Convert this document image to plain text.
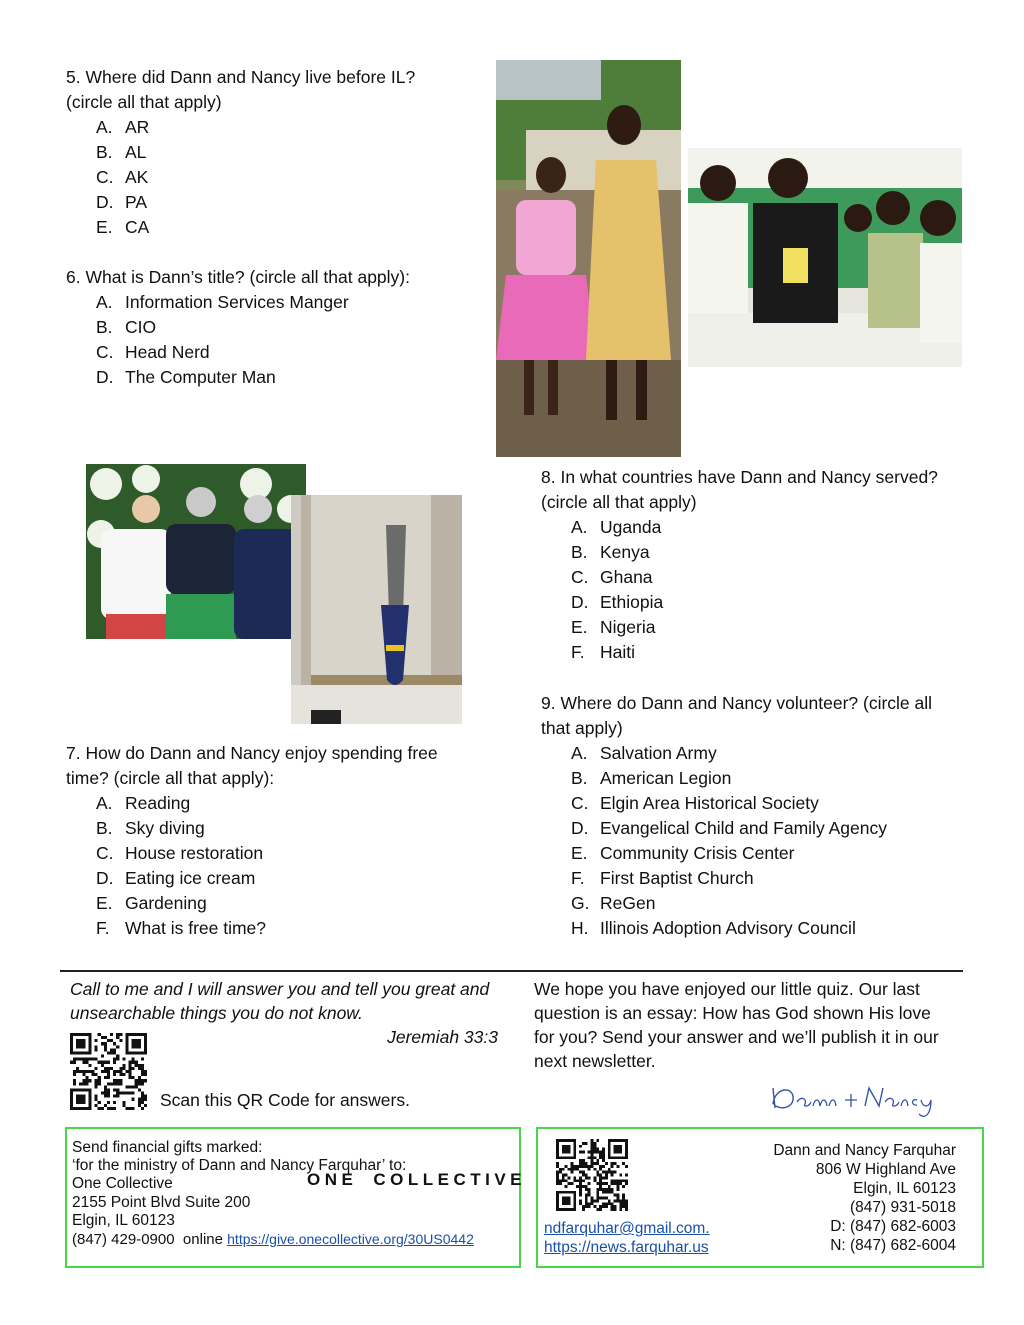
5. Where did Dann and Nancy live before IL? (circle all that apply)
A. AR
B. AL
C. AK
D. PA
E. CA
6. What is Dann’s title? (circle all that apply):
A. Information Services Manger
B. CIO
C. Head Nerd
D. The Computer Man
7. How do Dann and Nancy enjoy spending free time? (circle all that apply):
A. Reading
B. Sky diving
C. House restoration
D. Eating ice cream
E. Gardening
F. What is free time?
8. In what countries have Dann and Nancy served? (circle all that apply)
A. Uganda
B. Kenya
C. Ghana
D. Ethiopia
E. Nigeria
F. Haiti
9. Where do Dann and Nancy volunteer? (circle all that apply)
A. Salvation Army
B. American Legion
C. Elgin Area Historical Society
D. Evangelical Child and Family Agency
E. Community Crisis Center
F. First Baptist Church
G. ReGen
H. Illinois Adoption Advisory Council
Call to me and I will answer you and tell you great and unsearchable things you do not know.
Jeremiah 33:3
Scan this QR Code for answers.
We hope you have enjoyed our little quiz. Our last question is an essay: How has God shown His love for you? Send your answer and we’ll publish it in our next newsletter.
Send financial gifts marked:
‘for the ministry of Dann and Nancy Farquhar’ to:
One Collective
2155 Point Blvd Suite 200
Elgin, IL 60123
(847) 429-0900 online https://give.onecollective.org/30US0442
ONE COLLECTIVE
ndfarquhar@gmail.com.
https://news.farquhar.us
Dann and Nancy Farquhar
806 W Highland Ave
Elgin, IL 60123
(847) 931-5018
D: (847) 682-6003
N: (847) 682-6004
